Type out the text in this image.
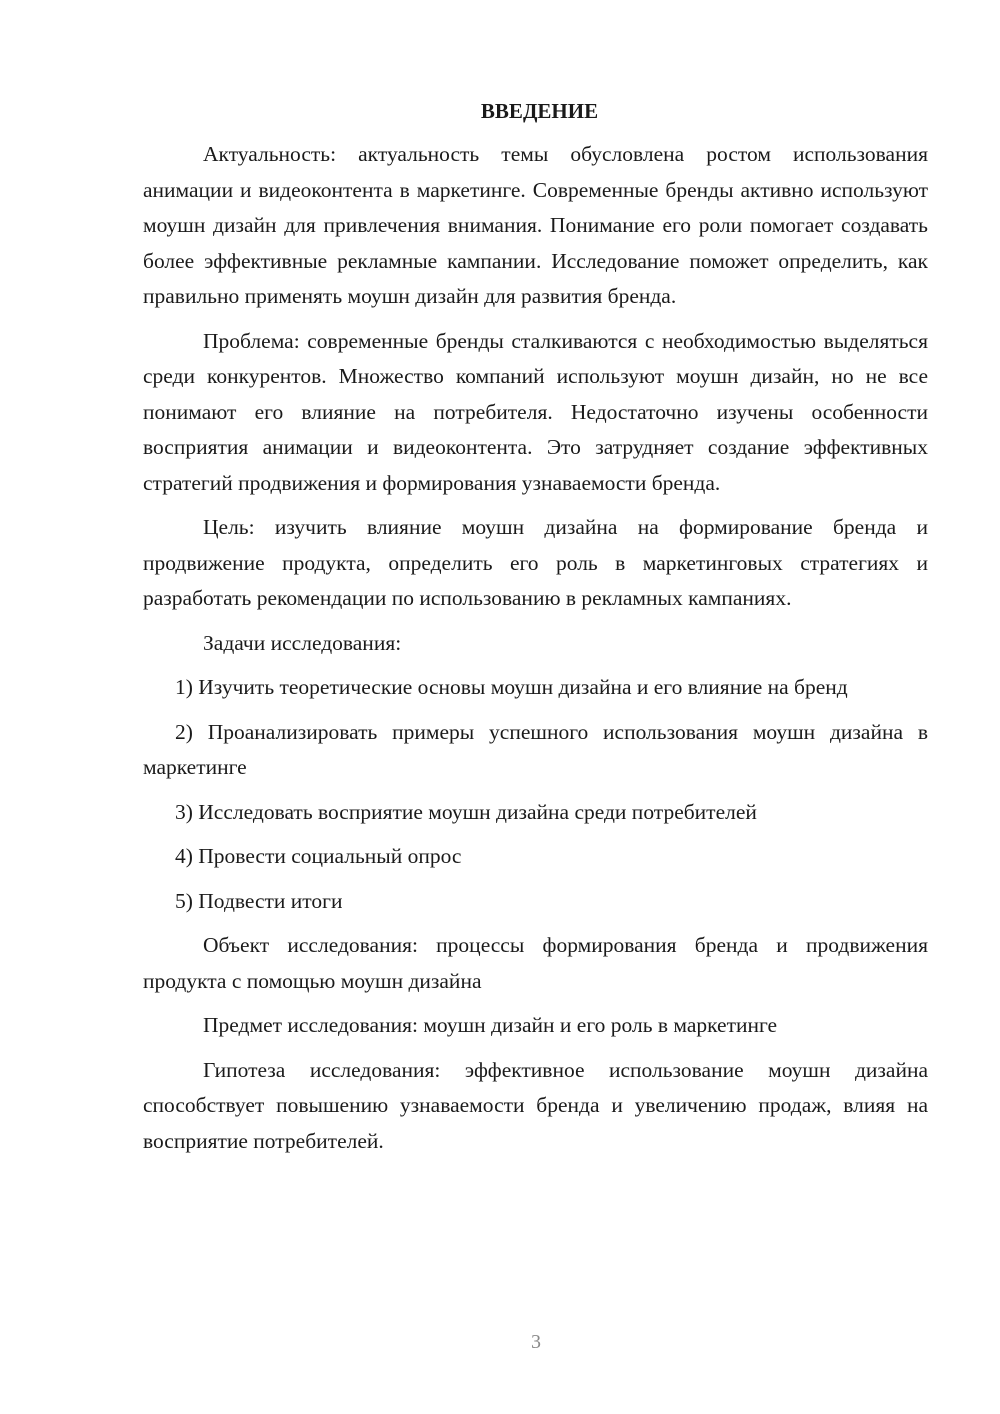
ВВЕДЕНИЕ

Актуальность: актуальность темы обусловлена ростом использования анимации и видеоконтента в маркетинге. Современные бренды активно используют моушн дизайн для привлечения внимания. Понимание его роли помогает создавать более эффективные рекламные кампании. Исследование поможет определить, как правильно применять моушн дизайн для развития бренда.

Проблема: современные бренды сталкиваются с необходимостью выделяться среди конкурентов. Множество компаний используют моушн дизайн, но не все понимают его влияние на потребителя. Недостаточно изучены особенности восприятия анимации и видеоконтента. Это затрудняет создание эффективных стратегий продвижения и формирования узнаваемости бренда.

Цель: изучить влияние моушн дизайна на формирование бренда и продвижение продукта, определить его роль в маркетинговых стратегиях и разработать рекомендации по использованию в рекламных кампаниях.

Задачи исследования:

1) Изучить теоретические основы моушн дизайна и его влияние на бренд

2) Проанализировать примеры успешного использования моушн дизайна в маркетинге

3) Исследовать восприятие моушн дизайна среди потребителей

4) Провести социальный опрос

5) Подвести итоги

Объект исследования: процессы формирования бренда и продвижения продукта с помощью моушн дизайна

Предмет исследования: моушн дизайн и его роль в маркетинге

Гипотеза исследования: эффективное использование моушн дизайна способствует повышению узнаваемости бренда и увеличению продаж, влияя на восприятие потребителей.

3
